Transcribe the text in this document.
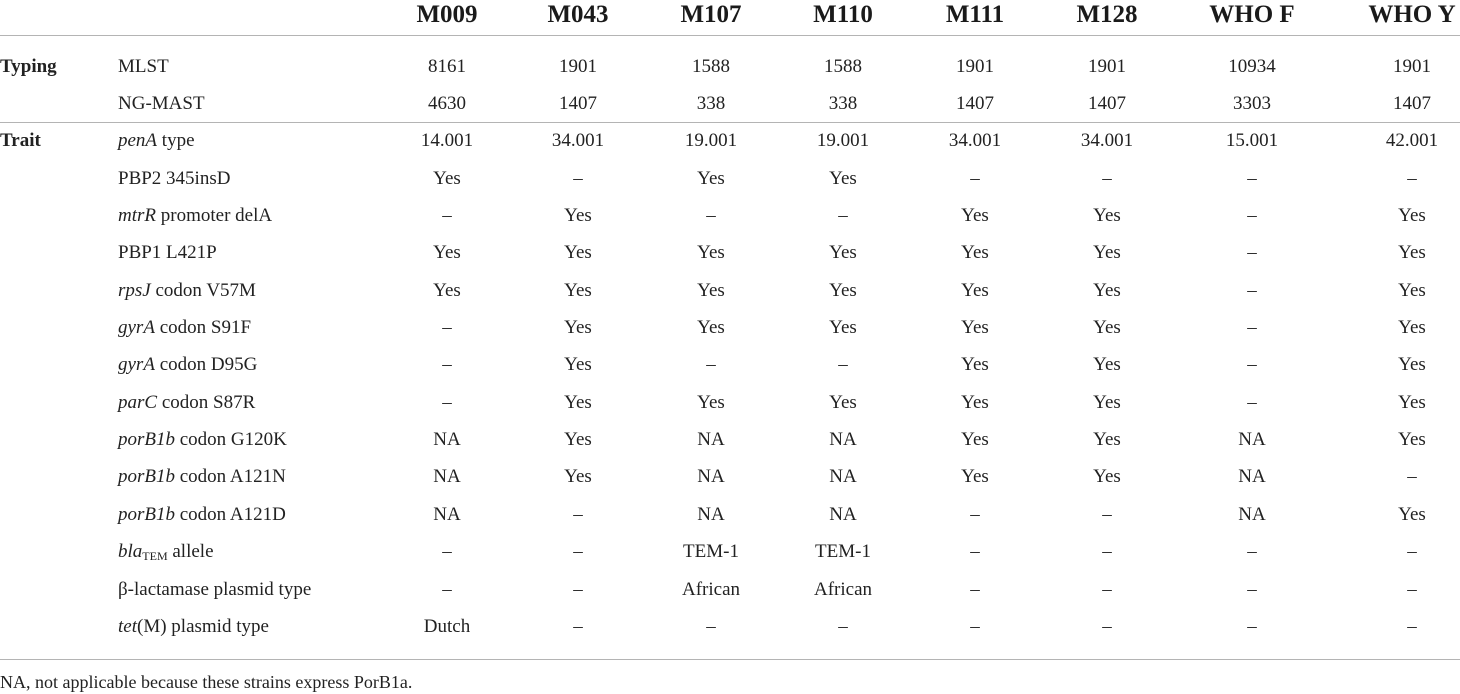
Typing
Trait
M009	M043	M107	M110	M111	M128	WHO F	WHO Y
MLST	8161	1901	1588	1588	1901	1901	10934	1901
NG-MAST	4630	1407	338	338	1407	1407	3303	1407
penA type	14.001	34.001	19.001	19.001	34.001	34.001	15.001	42.001
PBP2 345insD	Yes	–	Yes	Yes	–	–	–	–
mtrR promoter delA	–	Yes	–	–	Yes	Yes	–	Yes
PBP1 L421P	Yes	Yes	Yes	Yes	Yes	Yes	–	Yes
rpsJ codon V57M	Yes	Yes	Yes	Yes	Yes	Yes	–	Yes
gyrA codon S91F	–	Yes	Yes	Yes	Yes	Yes	–	Yes
gyrA codon D95G	–	Yes	–	–	Yes	Yes	–	Yes
parC codon S87R	–	Yes	Yes	Yes	Yes	Yes	–	Yes
porB1b codon G120K	NA	Yes	NA	NA	Yes	Yes	NA	Yes
porB1b codon A121N	NA	Yes	NA	NA	Yes	Yes	NA	–
porB1b codon A121D	NA	–	NA	NA	–	–	NA	Yes
bla$_{TEM}$ allele	–	–	TEM-1	TEM-1	–	–	–	–
β-lactamase plasmid type	–	–	African	African	–	–	–	–
tet(M) plasmid type	Dutch	–	–	–	–	–	–	–
NA, not applicable because these strains express PorB1a.
